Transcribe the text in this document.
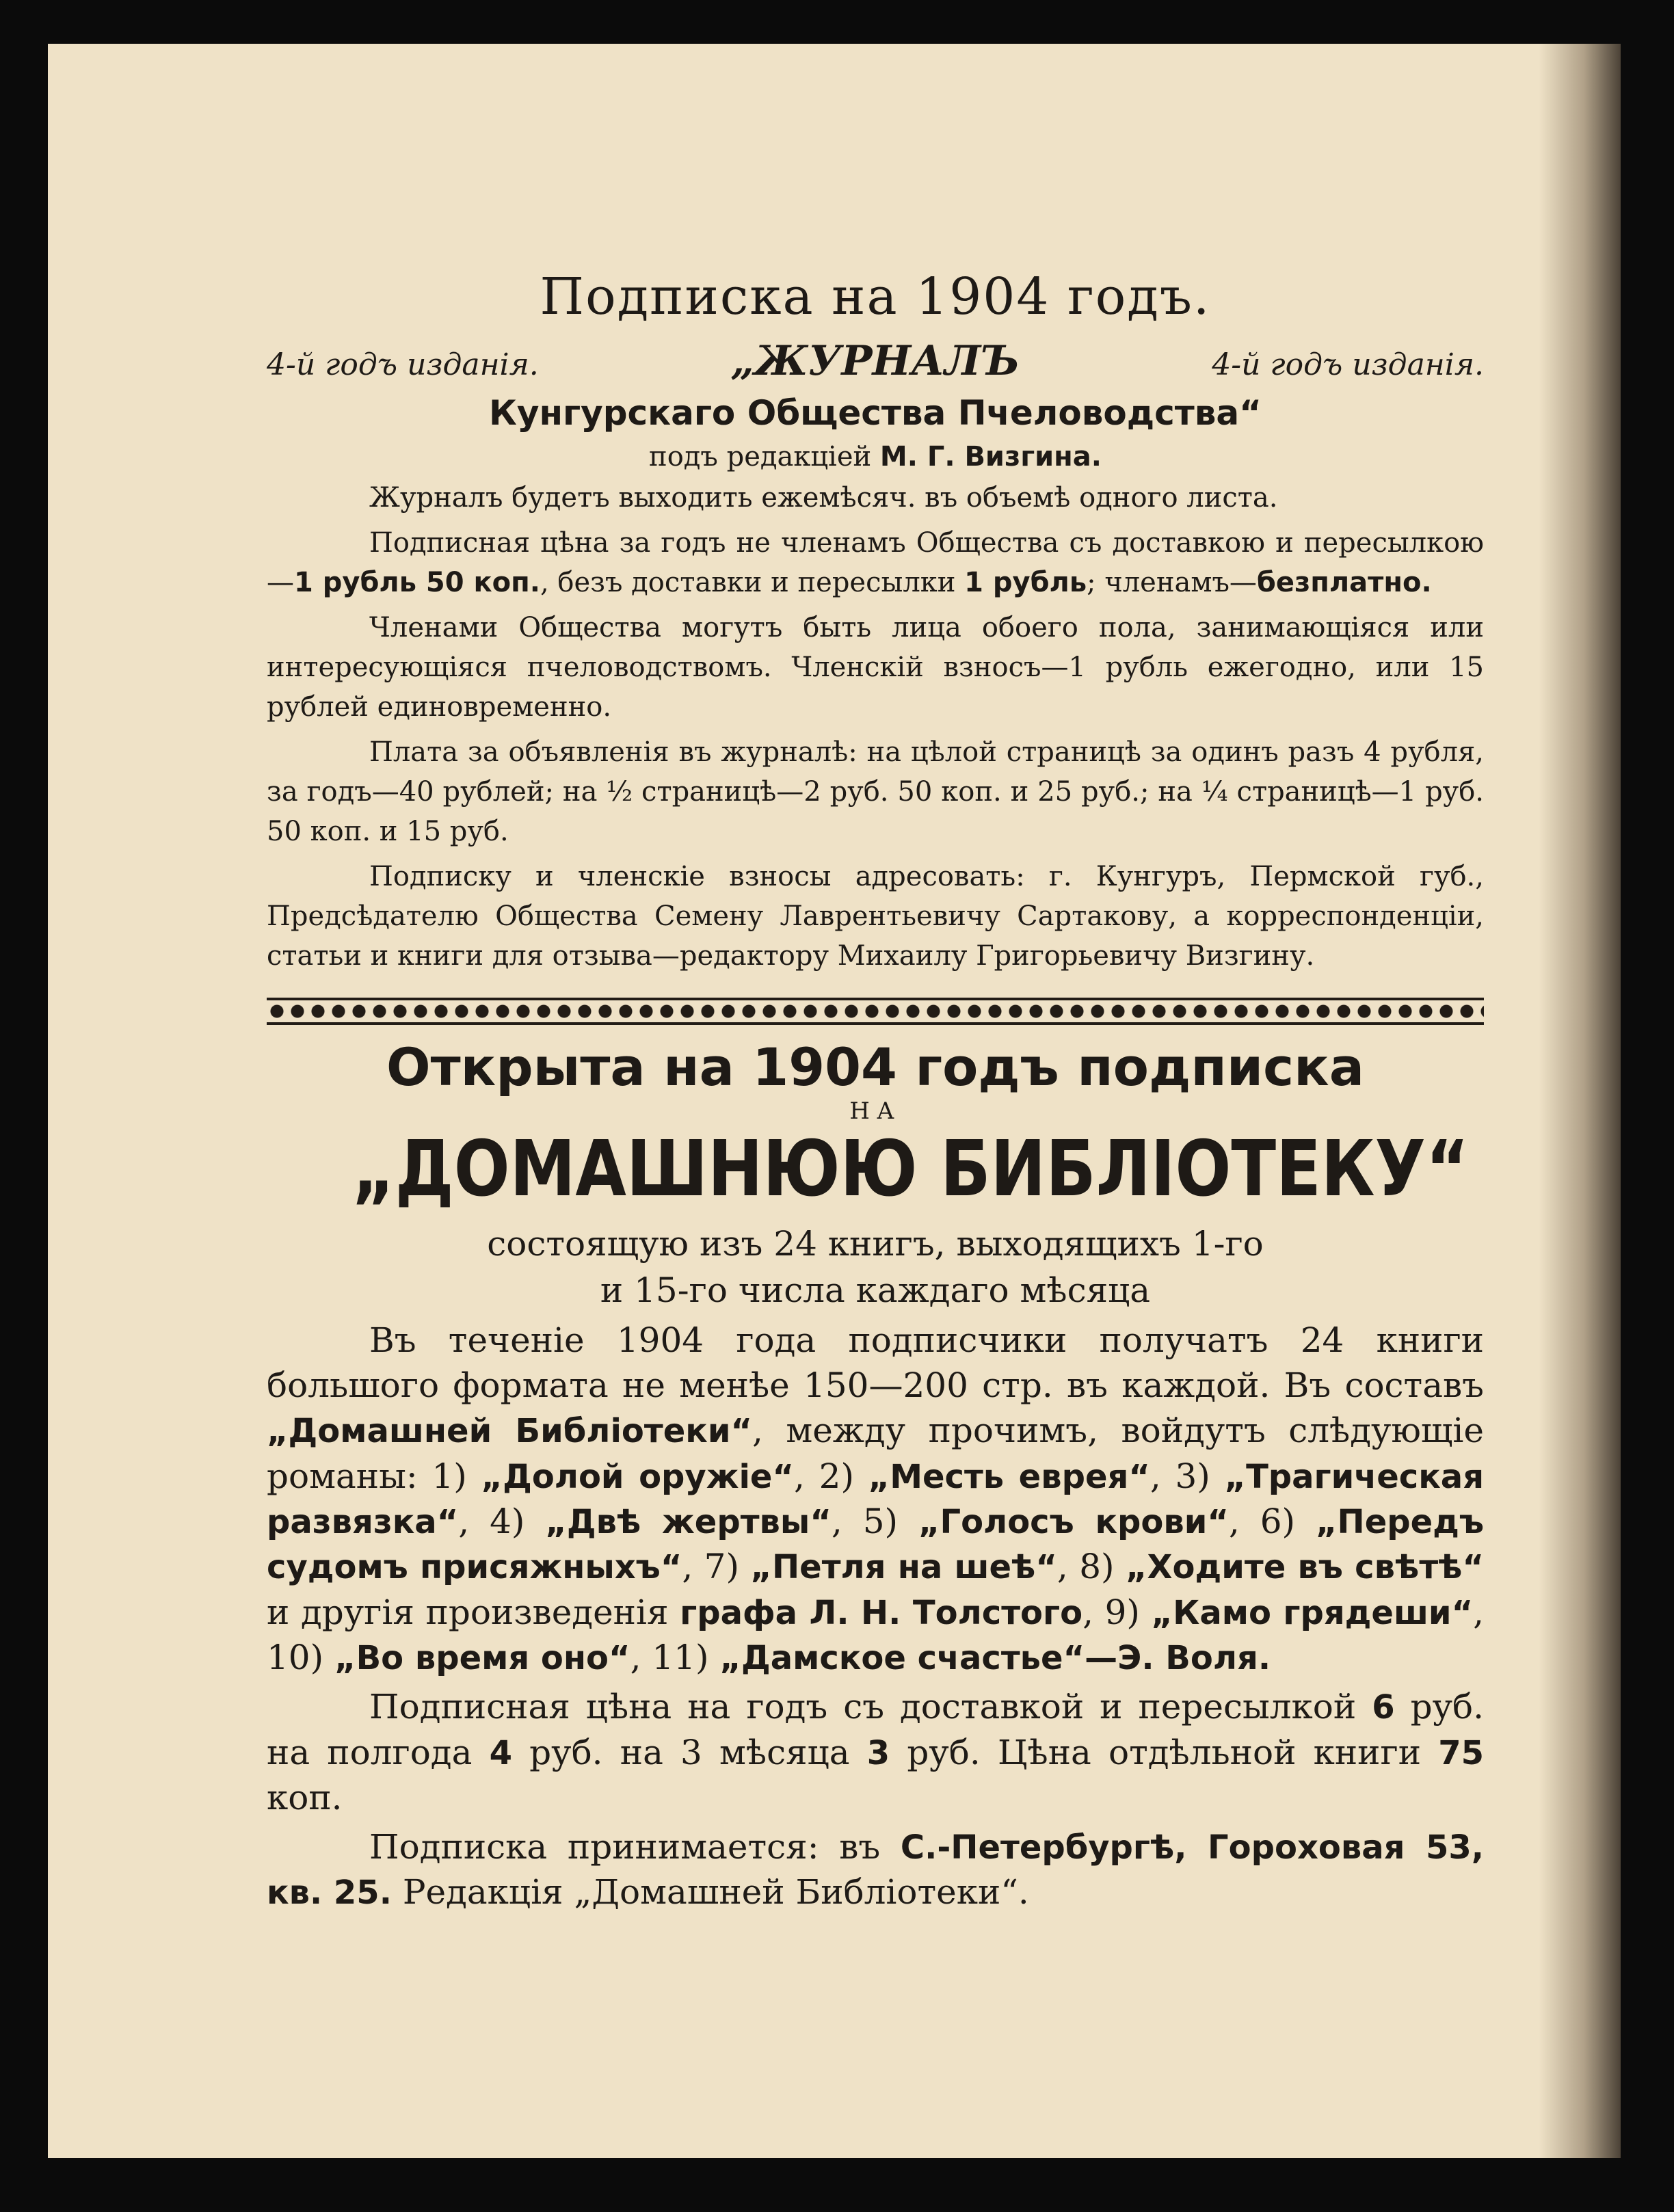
Подписка на 1904 годъ.
4-й годъ изданія.	„ЖУРНАЛЪ	4-й годъ изданія.
Кунгурскаго Общества Пчеловодства“
подъ редакціей М. Г. Визгина.

Журналъ будетъ выходить ежемѣсяч. въ объемѣ одного листа.

Подписная цѣна за годъ не членамъ Общества съ доставкою и пересылкою—1 рубль 50 коп., безъ доставки и пересылки 1 рубль; членамъ—безплатно.

Членами Общества могутъ быть лица обоего пола, занимающіяся или интересующіяся пчеловодствомъ. Членскій взносъ—1 рубль ежегодно, или 15 рублей единовременно.

Плата за объявленія въ журналѣ: на цѣлой страницѣ за одинъ разъ 4 рубля, за годъ—40 рублей; на ½ страницѣ—2 руб. 50 коп. и 25 руб.; на ¼ страницѣ—1 руб. 50 коп. и 15 руб.

Подписку и членскіе взносы адресовать: г. Кунгуръ, Пермской губ., Предсѣдателю Общества Семену Лаврентьевичу Сартакову, а корреспонденціи, статьи и книги для отзыва—редактору Михаилу Григорьевичу Визгину.

Открыта на 1904 годъ подписка
НА
„ДОМАШНЮЮ БИБЛІОТЕКУ“
состоящую изъ 24 книгъ, выходящихъ 1-го
и 15-го числа каждаго мѣсяца

Въ теченіе 1904 года подписчики получатъ 24 книги большого формата не менѣе 150—200 стр. въ каждой. Въ составъ „Домашней Библіотеки“, между прочимъ, войдутъ слѣдующіе романы: 1) „Долой оружіе“, 2) „Месть еврея“, 3) „Трагическая развязка“, 4) „Двѣ жертвы“, 5) „Голосъ крови“, 6) „Передъ судомъ присяжныхъ“, 7) „Петля на шеѣ“, 8) „Ходите въ свѣтѣ“ и другія произведенія графа Л. Н. Толстого, 9) „Камо грядеши“, 10) „Во время оно“, 11) „Дамское счастье“—Э. Воля.

Подписная цѣна на годъ съ доставкой и пересылкой 6 руб. на полгода 4 руб. на 3 мѣсяца 3 руб. Цѣна отдѣльной книги 75 коп.

Подписка принимается: въ С.-Петербургѣ, Гороховая 53, кв. 25. Редакція „Домашней Библіотеки“.
